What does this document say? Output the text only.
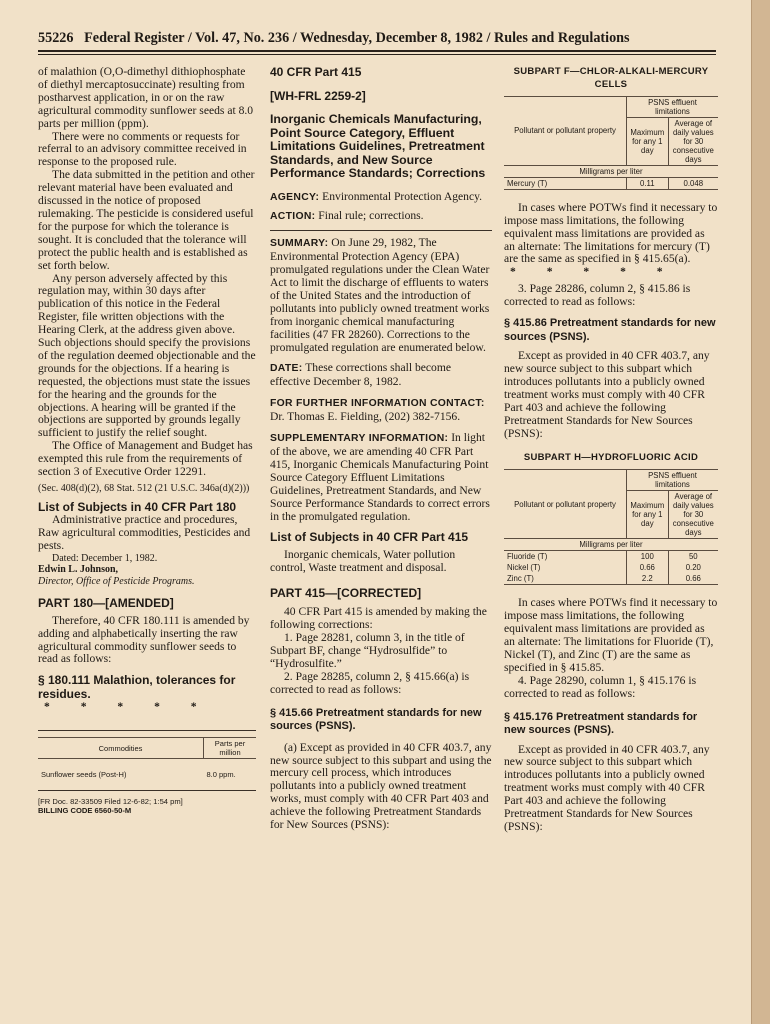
55226 Federal Register / Vol. 47, No. 236 / Wednesday, December 8, 1982 / Rules and Regulations

of malathion (O,O-dimethyl dithiophosphate of diethyl mercaptosuccinate) resulting from postharvest application, in or on the raw agricultural commodity sunflower seeds at 8.0 parts per million (ppm).

There were no comments or requests for referral to an advisory committee received in response to the proposed rule.

The data submitted in the petition and other relevant material have been evaluated and discussed in the notice of proposed rulemaking. The pesticide is considered useful for the purpose for which the tolerance is sought. It is concluded that the tolerance will protect the public health and is established as set forth below.

Any person adversely affected by this regulation may, within 30 days after publication of this notice in the Federal Register, file written objections with the Hearing Clerk, at the address given above. Such objections should specify the provisions of the regulation deemed objectionable and the grounds for the objections. If a hearing is requested, the objections must state the issues for the hearing and the grounds for the objections. A hearing will be granted if the objections are supported by grounds legally sufficient to justify the relief sought.

The Office of Management and Budget has exempted this rule from the requirements of section 3 of Executive Order 12291.

(Sec. 408(d)(2), 68 Stat. 512 (21 U.S.C. 346a(d)(2)))

List of Subjects in 40 CFR Part 180

Administrative practice and procedures, Raw agricultural commodities, Pesticides and pests.

Dated: December 1, 1982.

Edwin L. Johnson,

Director, Office of Pesticide Programs.

PART 180—[AMENDED]

Therefore, 40 CFR 180.111 is amended by adding and alphabetically inserting the raw agricultural commodity sunflower seeds to read as follows:

§ 180.111 Malathion, tolerances for residues.

* * * * *

Commodities	Parts per million

Sunflower seeds (Post-H)	8.0 ppm.

[FR Doc. 82-33509 Filed 12-6-82; 1:54 pm]

BILLING CODE 6560-50-M

40 CFR Part 415

[WH-FRL 2259-2]

Inorganic Chemicals Manufacturing, Point Source Category, Effluent Limitations Guidelines, Pretreatment Standards, and New Source Performance Standards; Corrections

AGENCY: Environmental Protection Agency.

ACTION: Final rule; corrections.

SUMMARY: On June 29, 1982, The Environmental Protection Agency (EPA) promulgated regulations under the Clean Water Act to limit the discharge of effluents to waters of the United States and the introduction of pollutants into publicly owned treatment works from inorganic chemical manufacturing facilities (47 FR 28260). Corrections to the promulgated regulation are enumerated below.

DATE: These corrections shall become effective December 8, 1982.

FOR FURTHER INFORMATION CONTACT: Dr. Thomas E. Fielding, (202) 382-7156.

SUPPLEMENTARY INFORMATION: In light of the above, we are amending 40 CFR Part 415, Inorganic Chemicals Manufacturing Point Source Category Effluent Limitations Guidelines, Pretreatment Standards, and New Source Performance Standards to correct errors in the promulgated regulation.

List of Subjects in 40 CFR Part 415

Inorganic chemicals, Water pollution control, Waste treatment and disposal.

PART 415—[CORRECTED]

40 CFR Part 415 is amended by making the following corrections:

1. Page 28281, column 3, in the title of Subpart BF, change “Hydrosulfide” to “Hydrosulfite.”

2. Page 28285, column 2, § 415.66(a) is corrected to read as follows:

§ 415.66 Pretreatment standards for new sources (PSNS).

(a) Except as provided in 40 CFR 403.7, any new source subject to this subpart and using the mercury cell process, which introduces pollutants into a publicly owned treatment works, must comply with 40 CFR Part 403 and achieve the following Pretreatment Standards for New Sources (PSNS):

SUBPART F—CHLOR-ALKALI-MERCURY CELLS

Pollutant or pollutant property	PSNS effluent limitations	
	Maximum for any 1 day	Average of daily values for 30 consecutive days
Milligrams per liter		
Mercury (T)	0.11	0.048

In cases where POTWs find it necessary to impose mass limitations, the following equivalent mass limitations are provided as an alternate: The limitations for mercury (T) are the same as specified in § 415.65(a).

* * * * *

3. Page 28286, column 2, § 415.86 is corrected to read as follows:

§ 415.86 Pretreatment standards for new sources (PSNS).

Except as provided in 40 CFR 403.7, any new source subject to this subpart which introduces pollutants into a publicly owned treatment works must comply with 40 CFR Part 403 and achieve the following Pretreatment Standards for New Sources (PSNS):

SUBPART H—HYDROFLUORIC ACID

Pollutant or pollutant property	PSNS effluent limitations	
	Maximum for any 1 day	Average of daily values for 30 consecutive days
Milligrams per liter		
Fluoride (T)	100	50
Nickel (T)	0.66	0.20
Zinc (T)	2.2	0.66

In cases where POTWs find it necessary to impose mass limitations, the following equivalent mass limitations are provided as an alternate: The limitations for Fluoride (T), Nickel (T), and Zinc (T) are the same as specified in § 415.85.

4. Page 28290, column 1, § 415.176 is corrected to read as follows:

§ 415.176 Pretreatment standards for new sources (PSNS).

Except as provided in 40 CFR 403.7, any new source subject to this subpart which introduces pollutants into a publicly owned treatment works must comply with 40 CFR Part 403 and achieve the following Pretreatment Standards for New Sources (PSNS):
